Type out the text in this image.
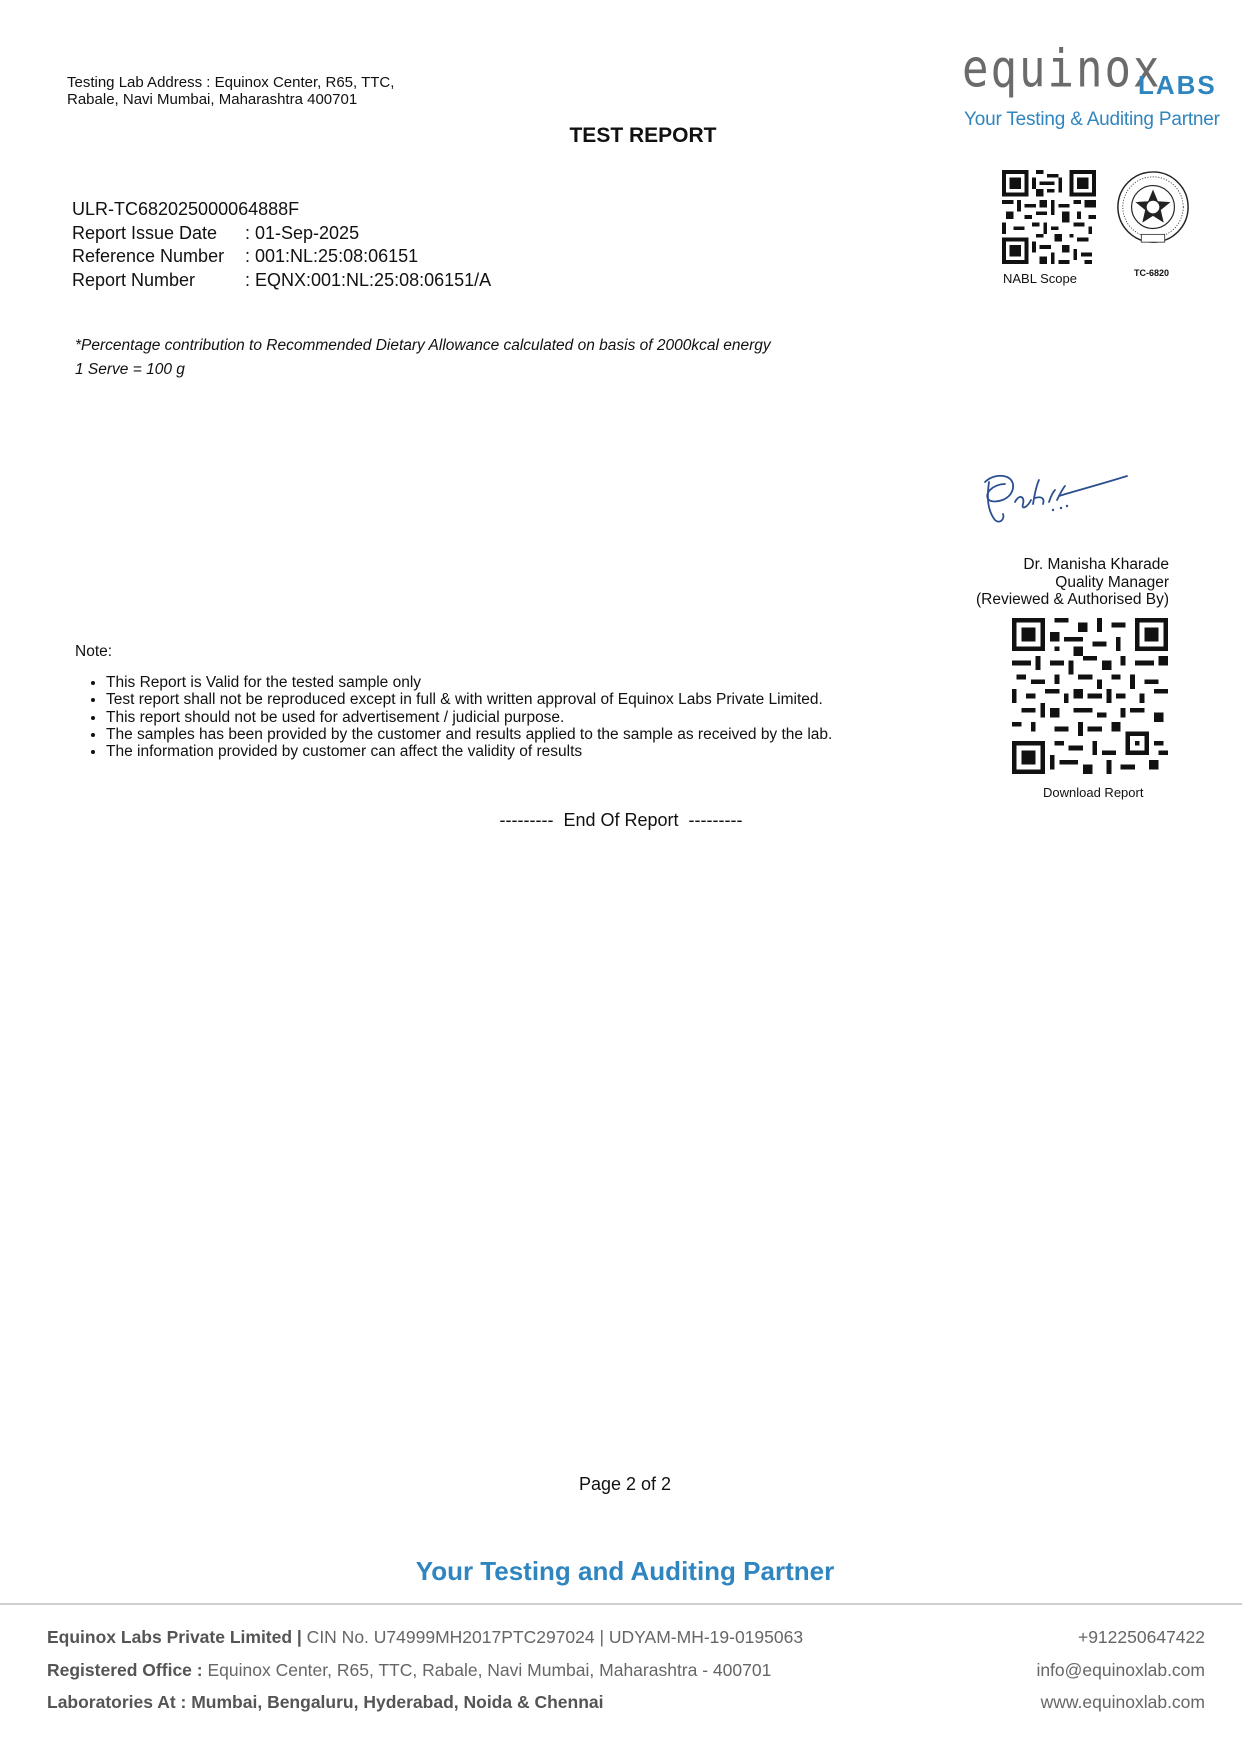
Testing Lab Address : Equinox Center, R65, TTC, Rabale, Navi Mumbai, Maharashtra 400701
TEST REPORT
equinox
LABS
Your Testing & Auditing Partner
NABL Scope	TC-6820
ULR-TC682025000064888F
Report Issue Date	: 01-Sep-2025
Reference Number	: 001:NL:25:08:06151
Report Number	: EQNX:001:NL:25:08:06151/A
*Percentage contribution to Recommended Dietary Allowance calculated on basis of 2000kcal energy
1 Serve = 100 g
Dr. Manisha Kharade
Quality Manager
(Reviewed & Authorised By)
Download Report
Note:
• This Report is Valid for the tested sample only
• Test report shall not be reproduced except in full & with written approval of Equinox Labs Private Limited.
• This report should not be used for advertisement / judicial purpose.
• The samples has been provided by the customer and results applied to the sample as received by the lab.
• The information provided by customer can affect the validity of results
---------  End Of Report  ---------
Page 2 of 2
Your Testing and Auditing Partner
Equinox Labs Private Limited | CIN No. U74999MH2017PTC297024 | UDYAM-MH-19-0195063
Registered Office : Equinox Center, R65, TTC, Rabale, Navi Mumbai, Maharashtra - 400701
Laboratories At : Mumbai, Bengaluru, Hyderabad, Noida & Chennai
+912250647422
info@equinoxlab.com
www.equinoxlab.com
